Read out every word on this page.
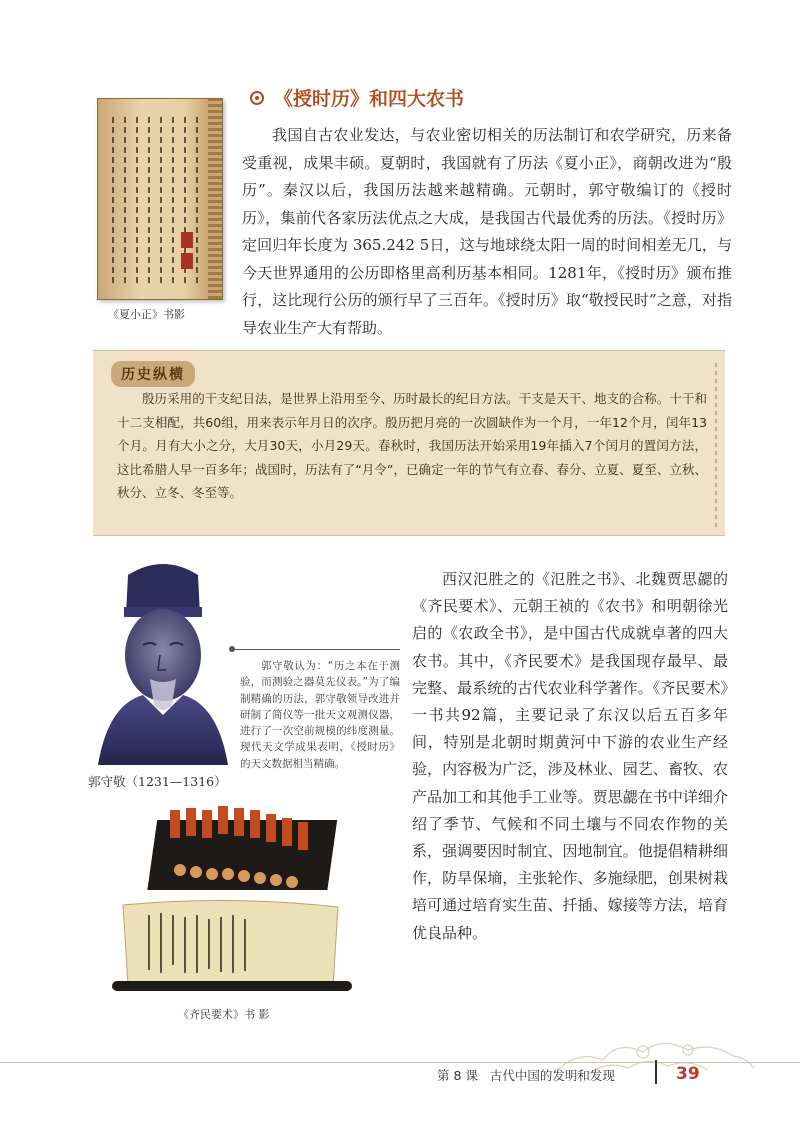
《夏小正》书影
《授时历》和四大农书

我国自古农业发达，与农业密切相关的历法制订和农学研究，历来备受重视，成果丰硕。夏朝时，我国就有了历法《夏小正》，商朝改进为“殷历”。秦汉以后，我国历法越来越精确。元朝时，郭守敬编订的《授时历》，集前代各家历法优点之大成，是我国古代最优秀的历法。《授时历》定回归年长度为 365.242 5日，这与地球绕太阳一周的时间相差无几，与今天世界通用的公历即格里高利历基本相同。1281年，《授时历》颁布推行，这比现行公历的颁行早了三百年。《授时历》取“敬授民时”之意，对指导农业生产大有帮助。

历史纵横

殷历采用的干支纪日法，是世界上沿用至今、历时最长的纪日方法。干支是天干、地支的合称。十干和十二支相配，共60组，用来表示年月日的次序。殷历把月亮的一次圆缺作为一个月，一年12个月，闰年13个月。月有大小之分，大月30天，小月29天。春秋时，我国历法开始采用19年插入7个闰月的置闰方法，这比希腊人早一百多年；战国时，历法有了“月令”，已确定一年的节气有立春、春分、立夏、夏至、立秋、秋分、立冬、冬至等。

郭守敬（1231—1316）

郭守敬认为：“历之本在于测验，而测验之器莫先仪表。”为了编制精确的历法，郭守敬领导改进并研制了简仪等一批天文观测仪器，进行了一次空前规模的纬度测量。现代天文学成果表明，《授时历》的天文数据相当精确。

西汉氾胜之的《氾胜之书》、北魏贾思勰的《齐民要术》、元朝王祯的《农书》和明朝徐光启的《农政全书》，是中国古代成就卓著的四大农书。其中，《齐民要术》是我国现存最早、最完整、最系统的古代农业科学著作。《齐民要术》一书共92篇，主要记录了东汉以后五百多年间，特别是北朝时期黄河中下游的农业生产经验，内容极为广泛，涉及林业、园艺、畜牧、农产品加工和其他手工业等。贾思勰在书中详细介绍了季节、气候和不同土壤与不同农作物的关系，强调要因时制宜、因地制宜。他提倡精耕细作，防旱保墒，主张轮作、多施绿肥，创果树栽培可通过培育实生苗、扦插、嫁接等方法，培育优良品种。

《齐民要术》书 影
第 8 课 古代中国的发明和发现	39
